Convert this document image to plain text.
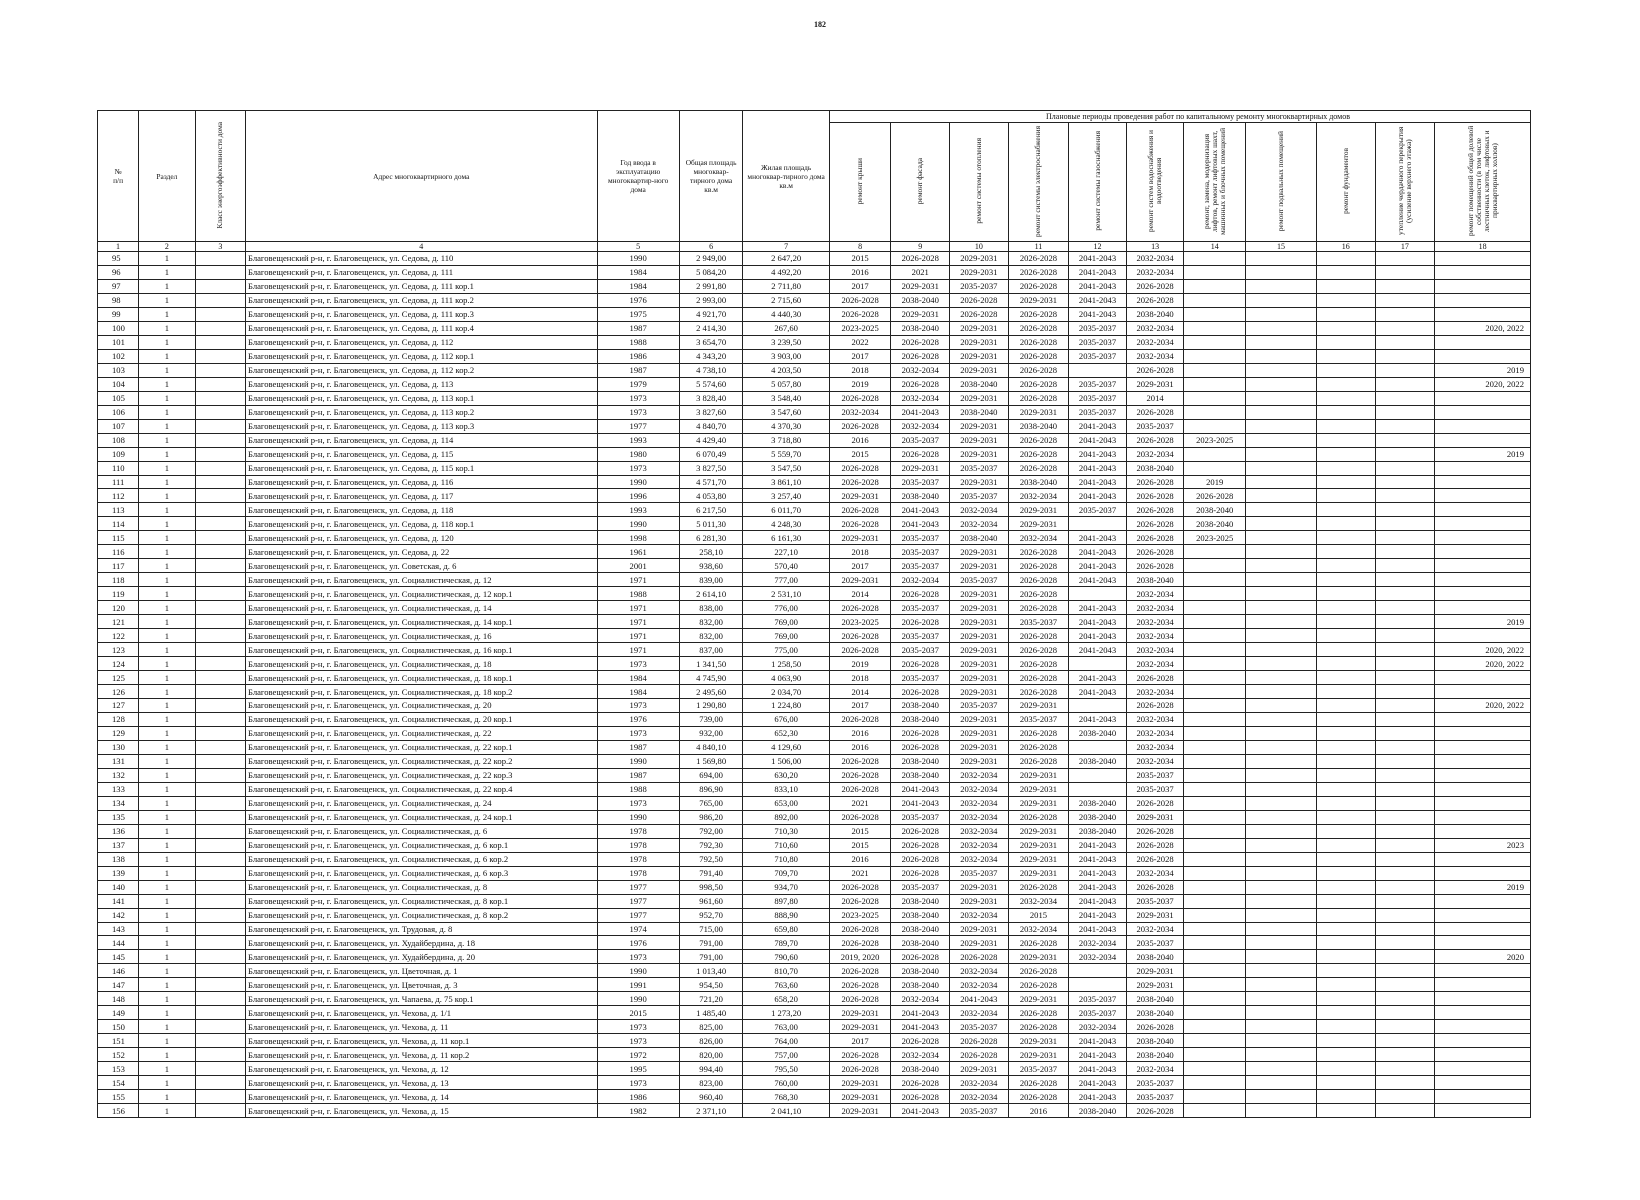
182
№
п/п	Раздел	Класс энергоэффективности дома	Адрес многоквартирного дома	Год ввода в эксплуатацию многоквартир-ного дома	Общая площадь многоквар-тирного дома кв.м	Жилая площадь многоквар-тирного дома кв.м	Плановые периоды проведения работ по капитальному ремонту многоквартирных домов										
							ремонт крыши	ремонт фасада	ремонт системы отопления	ремонт системы электроснабжения	ремонт системы газоснабжения	ремонт систем водоснабжения и водоотведения	ремонт, замена, модернизация лифтов, ремонт лифтовых шахт, машинных и блочных помещений	ремонт подвальных помещений	ремонт фундаментов	утепление чердачного перекрытия (усиление верхнего этажа)	ремонт помещений общей долевой собственности (в том числе лестничных клеток, лифтовых и приквартирных холлов)
1	2	3	4	5	6	7	8	9	10	11	12	13	14	15	16	17	18
95	1		Благовещенский р-н, г. Благовещенск, ул. Седова, д. 110	1990	2 949,00	2 647,20	2015	2026-2028	2029-2031	2026-2028	2041-2043	2032-2034					
96	1		Благовещенский р-н, г. Благовещенск, ул. Седова, д. 111	1984	5 084,20	4 492,20	2016	2021	2029-2031	2026-2028	2041-2043	2032-2034					
97	1		Благовещенский р-н, г. Благовещенск, ул. Седова, д. 111 кор.1	1984	2 991,80	2 711,80	2017	2029-2031	2035-2037	2026-2028	2041-2043	2026-2028					
98	1		Благовещенский р-н, г. Благовещенск, ул. Седова, д. 111 кор.2	1976	2 993,00	2 715,60	2026-2028	2038-2040	2026-2028	2029-2031	2041-2043	2026-2028					
99	1		Благовещенский р-н, г. Благовещенск, ул. Седова, д. 111 кор.3	1975	4 921,70	4 440,30	2026-2028	2029-2031	2026-2028	2026-2028	2041-2043	2038-2040					
100	1		Благовещенский р-н, г. Благовещенск, ул. Седова, д. 111 кор.4	1987	2 414,30	267,60	2023-2025	2038-2040	2029-2031	2026-2028	2035-2037	2032-2034					2020, 2022
101	1		Благовещенский р-н, г. Благовещенск, ул. Седова, д. 112	1988	3 654,70	3 239,50	2022	2026-2028	2029-2031	2026-2028	2035-2037	2032-2034					
102	1		Благовещенский р-н, г. Благовещенск, ул. Седова, д. 112 кор.1	1986	4 343,20	3 903,00	2017	2026-2028	2029-2031	2026-2028	2035-2037	2032-2034					
103	1		Благовещенский р-н, г. Благовещенск, ул. Седова, д. 112 кор.2	1987	4 738,10	4 203,50	2018	2032-2034	2029-2031	2026-2028		2026-2028					2019
104	1		Благовещенский р-н, г. Благовещенск, ул. Седова, д. 113	1979	5 574,60	5 057,80	2019	2026-2028	2038-2040	2026-2028	2035-2037	2029-2031					2020, 2022
105	1		Благовещенский р-н, г. Благовещенск, ул. Седова, д. 113 кор.1	1973	3 828,40	3 548,40	2026-2028	2032-2034	2029-2031	2026-2028	2035-2037	2014					
106	1		Благовещенский р-н, г. Благовещенск, ул. Седова, д. 113 кор.2	1973	3 827,60	3 547,60	2032-2034	2041-2043	2038-2040	2029-2031	2035-2037	2026-2028					
107	1		Благовещенский р-н, г. Благовещенск, ул. Седова, д. 113 кор.3	1977	4 840,70	4 370,30	2026-2028	2032-2034	2029-2031	2038-2040	2041-2043	2035-2037					
108	1		Благовещенский р-н, г. Благовещенск, ул. Седова, д. 114	1993	4 429,40	3 718,80	2016	2035-2037	2029-2031	2026-2028	2041-2043	2026-2028	2023-2025				
109	1		Благовещенский р-н, г. Благовещенск, ул. Седова, д. 115	1980	6 070,49	5 559,70	2015	2026-2028	2029-2031	2026-2028	2041-2043	2032-2034					2019
110	1		Благовещенский р-н, г. Благовещенск, ул. Седова, д. 115 кор.1	1973	3 827,50	3 547,50	2026-2028	2029-2031	2035-2037	2026-2028	2041-2043	2038-2040					
111	1		Благовещенский р-н, г. Благовещенск, ул. Седова, д. 116	1990	4 571,70	3 861,10	2026-2028	2035-2037	2029-2031	2038-2040	2041-2043	2026-2028	2019				
112	1		Благовещенский р-н, г. Благовещенск, ул. Седова, д. 117	1996	4 053,80	3 257,40	2029-2031	2038-2040	2035-2037	2032-2034	2041-2043	2026-2028	2026-2028				
113	1		Благовещенский р-н, г. Благовещенск, ул. Седова, д. 118	1993	6 217,50	6 011,70	2026-2028	2041-2043	2032-2034	2029-2031	2035-2037	2026-2028	2038-2040				
114	1		Благовещенский р-н, г. Благовещенск, ул. Седова, д. 118 кор.1	1990	5 011,30	4 248,30	2026-2028	2041-2043	2032-2034	2029-2031		2026-2028	2038-2040				
115	1		Благовещенский р-н, г. Благовещенск, ул. Седова, д. 120	1998	6 281,30	6 161,30	2029-2031	2035-2037	2038-2040	2032-2034	2041-2043	2026-2028	2023-2025				
116	1		Благовещенский р-н, г. Благовещенск, ул. Седова, д. 22	1961	258,10	227,10	2018	2035-2037	2029-2031	2026-2028	2041-2043	2026-2028					
117	1		Благовещенский р-н, г. Благовещенск, ул. Советская, д. 6	2001	938,60	570,40	2017	2035-2037	2029-2031	2026-2028	2041-2043	2026-2028					
118	1		Благовещенский р-н, г. Благовещенск, ул. Социалистическая, д. 12	1971	839,00	777,00	2029-2031	2032-2034	2035-2037	2026-2028	2041-2043	2038-2040					
119	1		Благовещенский р-н, г. Благовещенск, ул. Социалистическая, д. 12 кор.1	1988	2 614,10	2 531,10	2014	2026-2028	2029-2031	2026-2028		2032-2034					
120	1		Благовещенский р-н, г. Благовещенск, ул. Социалистическая, д. 14	1971	838,00	776,00	2026-2028	2035-2037	2029-2031	2026-2028	2041-2043	2032-2034					
121	1		Благовещенский р-н, г. Благовещенск, ул. Социалистическая, д. 14 кор.1	1971	832,00	769,00	2023-2025	2026-2028	2029-2031	2035-2037	2041-2043	2032-2034					2019
122	1		Благовещенский р-н, г. Благовещенск, ул. Социалистическая, д. 16	1971	832,00	769,00	2026-2028	2035-2037	2029-2031	2026-2028	2041-2043	2032-2034					
123	1		Благовещенский р-н, г. Благовещенск, ул. Социалистическая, д. 16 кор.1	1971	837,00	775,00	2026-2028	2035-2037	2029-2031	2026-2028	2041-2043	2032-2034					2020, 2022
124	1		Благовещенский р-н, г. Благовещенск, ул. Социалистическая, д. 18	1973	1 341,50	1 258,50	2019	2026-2028	2029-2031	2026-2028		2032-2034					2020, 2022
125	1		Благовещенский р-н, г. Благовещенск, ул. Социалистическая, д. 18 кор.1	1984	4 745,90	4 063,90	2018	2035-2037	2029-2031	2026-2028	2041-2043	2026-2028					
126	1		Благовещенский р-н, г. Благовещенск, ул. Социалистическая, д. 18 кор.2	1984	2 495,60	2 034,70	2014	2026-2028	2029-2031	2026-2028	2041-2043	2032-2034					
127	1		Благовещенский р-н, г. Благовещенск, ул. Социалистическая, д. 20	1973	1 290,80	1 224,80	2017	2038-2040	2035-2037	2029-2031		2026-2028					2020, 2022
128	1		Благовещенский р-н, г. Благовещенск, ул. Социалистическая, д. 20 кор.1	1976	739,00	676,00	2026-2028	2038-2040	2029-2031	2035-2037	2041-2043	2032-2034					
129	1		Благовещенский р-н, г. Благовещенск, ул. Социалистическая, д. 22	1973	932,00	652,30	2016	2026-2028	2029-2031	2026-2028	2038-2040	2032-2034					
130	1		Благовещенский р-н, г. Благовещенск, ул. Социалистическая, д. 22 кор.1	1987	4 840,10	4 129,60	2016	2026-2028	2029-2031	2026-2028		2032-2034					
131	1		Благовещенский р-н, г. Благовещенск, ул. Социалистическая, д. 22 кор.2	1990	1 569,80	1 506,00	2026-2028	2038-2040	2029-2031	2026-2028	2038-2040	2032-2034					
132	1		Благовещенский р-н, г. Благовещенск, ул. Социалистическая, д. 22 кор.3	1987	694,00	630,20	2026-2028	2038-2040	2032-2034	2029-2031		2035-2037					
133	1		Благовещенский р-н, г. Благовещенск, ул. Социалистическая, д. 22 кор.4	1988	896,90	833,10	2026-2028	2041-2043	2032-2034	2029-2031		2035-2037					
134	1		Благовещенский р-н, г. Благовещенск, ул. Социалистическая, д. 24	1973	765,00	653,00	2021	2041-2043	2032-2034	2029-2031	2038-2040	2026-2028					
135	1		Благовещенский р-н, г. Благовещенск, ул. Социалистическая, д. 24 кор.1	1990	986,20	892,00	2026-2028	2035-2037	2032-2034	2026-2028	2038-2040	2029-2031					
136	1		Благовещенский р-н, г. Благовещенск, ул. Социалистическая, д. 6	1978	792,00	710,30	2015	2026-2028	2032-2034	2029-2031	2038-2040	2026-2028					
137	1		Благовещенский р-н, г. Благовещенск, ул. Социалистическая, д. 6 кор.1	1978	792,30	710,60	2015	2026-2028	2032-2034	2029-2031	2041-2043	2026-2028					2023
138	1		Благовещенский р-н, г. Благовещенск, ул. Социалистическая, д. 6 кор.2	1978	792,50	710,80	2016	2026-2028	2032-2034	2029-2031	2041-2043	2026-2028					
139	1		Благовещенский р-н, г. Благовещенск, ул. Социалистическая, д. 6 кор.3	1978	791,40	709,70	2021	2026-2028	2035-2037	2029-2031	2041-2043	2032-2034					
140	1		Благовещенский р-н, г. Благовещенск, ул. Социалистическая, д. 8	1977	998,50	934,70	2026-2028	2035-2037	2029-2031	2026-2028	2041-2043	2026-2028					2019
141	1		Благовещенский р-н, г. Благовещенск, ул. Социалистическая, д. 8 кор.1	1977	961,60	897,80	2026-2028	2038-2040	2029-2031	2032-2034	2041-2043	2035-2037					
142	1		Благовещенский р-н, г. Благовещенск, ул. Социалистическая, д. 8 кор.2	1977	952,70	888,90	2023-2025	2038-2040	2032-2034	2015	2041-2043	2029-2031					
143	1		Благовещенский р-н, г. Благовещенск, ул. Трудовая, д. 8	1974	715,00	659,80	2026-2028	2038-2040	2029-2031	2032-2034	2041-2043	2032-2034					
144	1		Благовещенский р-н, г. Благовещенск, ул. Худайбердина, д. 18	1976	791,00	789,70	2026-2028	2038-2040	2029-2031	2026-2028	2032-2034	2035-2037					
145	1		Благовещенский р-н, г. Благовещенск, ул. Худайбердина, д. 20	1973	791,00	790,60	2019, 2020	2026-2028	2026-2028	2029-2031	2032-2034	2038-2040					2020
146	1		Благовещенский р-н, г. Благовещенск, ул. Цветочная, д. 1	1990	1 013,40	810,70	2026-2028	2038-2040	2032-2034	2026-2028		2029-2031					
147	1		Благовещенский р-н, г. Благовещенск, ул. Цветочная, д. 3	1991	954,50	763,60	2026-2028	2038-2040	2032-2034	2026-2028		2029-2031					
148	1		Благовещенский р-н, г. Благовещенск, ул. Чапаева, д. 75 кор.1	1990	721,20	658,20	2026-2028	2032-2034	2041-2043	2029-2031	2035-2037	2038-2040					
149	1		Благовещенский р-н, г. Благовещенск, ул. Чехова, д. 1/1	2015	1 485,40	1 273,20	2029-2031	2041-2043	2032-2034	2026-2028	2035-2037	2038-2040					
150	1		Благовещенский р-н, г. Благовещенск, ул. Чехова, д. 11	1973	825,00	763,00	2029-2031	2041-2043	2035-2037	2026-2028	2032-2034	2026-2028					
151	1		Благовещенский р-н, г. Благовещенск, ул. Чехова, д. 11 кор.1	1973	826,00	764,00	2017	2026-2028	2026-2028	2029-2031	2041-2043	2038-2040					
152	1		Благовещенский р-н, г. Благовещенск, ул. Чехова, д. 11 кор.2	1972	820,00	757,00	2026-2028	2032-2034	2026-2028	2029-2031	2041-2043	2038-2040					
153	1		Благовещенский р-н, г. Благовещенск, ул. Чехова, д. 12	1995	994,40	795,50	2026-2028	2038-2040	2029-2031	2035-2037	2041-2043	2032-2034					
154	1		Благовещенский р-н, г. Благовещенск, ул. Чехова, д. 13	1973	823,00	760,00	2029-2031	2026-2028	2032-2034	2026-2028	2041-2043	2035-2037					
155	1		Благовещенский р-н, г. Благовещенск, ул. Чехова, д. 14	1986	960,40	768,30	2029-2031	2026-2028	2032-2034	2026-2028	2041-2043	2035-2037					
156	1		Благовещенский р-н, г. Благовещенск, ул. Чехова, д. 15	1982	2 371,10	2 041,10	2029-2031	2041-2043	2035-2037	2016	2038-2040	2026-2028					
